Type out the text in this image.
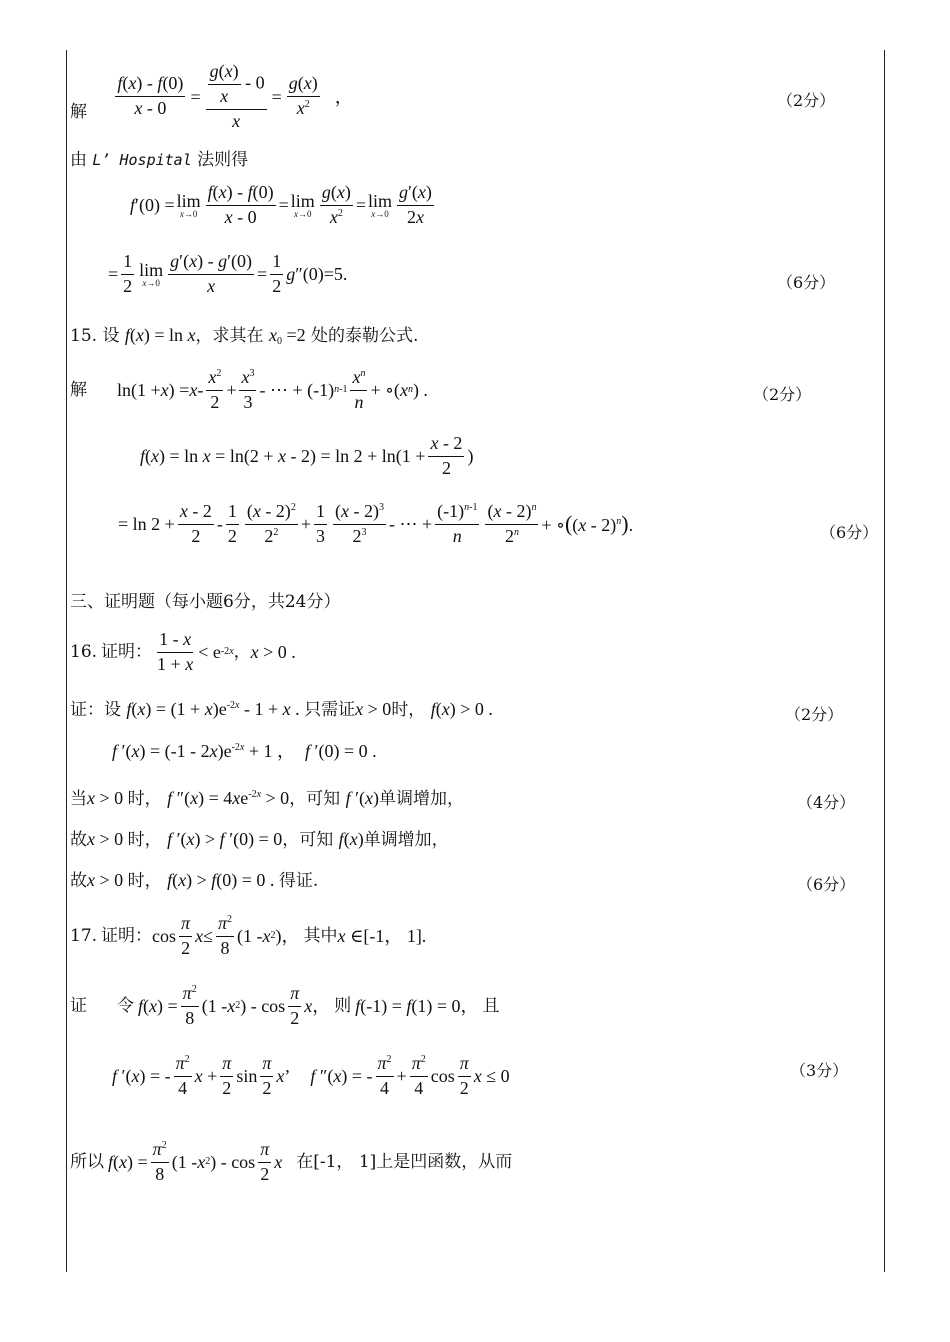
解 $\frac{f(x) - f(0)}{x - 0} = \frac{\frac{g(x)}{x} - 0}{x} = \frac{g(x)}{x^2}$ ，	（2分）
由 L’ Hospital 法则得
f′(0) = lim
$x\to 0 \frac{f(x) - f(0)}{x - 0} = \lim$
$x\to 0 \frac{g(x)}{x^2} = \lim$
$x\to 0 \frac{g'(x)}{2x}$
= $\frac{1}{2}$ lim
$x\to 0 \frac{g'(x) - g'(0)}{x} = \frac{1}{2} g''(0) =5$.	（6分）
15. 设 f(x) = ln x，求其在 x0 =2 处的泰勒公式.
解 ln(1 + x ) = $x - \frac{x^2}{2} + \frac{x^3}{3}$ - ⋯ + (-1) $n-1 \frac{x^n}{n}$ + ∘( x n ) .	（2分）
$f(x) = \ln x = \ln(2 + x - 2) = \ln 2 + \ln(1 + \frac{x - 2}{2}$ )
= $\ln 2 + \frac{x - 2}{2} - \frac{1}{2} \frac{(x - 2)^2}{2^2} + \frac{1}{3} \frac{(x - 2)^3}{2^3}$ - ⋯ + $\frac{(-1)^{n-1}}{n} \frac{(x - 2)^n}{2^n}$ + ∘((x - 2)$^n$).	（6分）
三、证明题（每小题6分，共24分）
16. 证明： $\frac{1 - x}{1 + x} < e$ -2x ， x > 0 .
证：设 $f(x) = (1 + x)e^{-2x} - 1 + x$ . 只需证x > 0时， f(x) > 0 .	（2分）
f $'(x) = (-1 - 2x)e^{-2x} + 1$ ， f ′(0) = 0 .
当x > 0 时， f $''(x) = 4xe^{-2x} > 0$，可知 f ′(x)单调增加，	（4分）
故x > 0 时， f ′(x) > f ′(0) = 0，可知 f(x)单调增加，
故x > 0 时， f(x) > f(0) = 0 . 得证.	（6分）
17. 证明： $\cos \frac{\pi}{2}$ $x \le \frac{\pi^2}{8} (1 - x$ 2 )， 其中 x ∈ [-1， 1].
证 令 f ( x ) = $\frac{\pi^2}{8} (1$ - x 2 ) - $\cos \frac{\pi}{2}$ x ， 则 f(-1) = f(1) = 0， 且
f ′(x) = - $\frac{\pi^2}{4}$ $x + \frac{\pi}{2}$ $\sin \frac{\pi}{2} x$’ f ″(x) = - $\frac{\pi^2}{4} + \frac{\pi^2}{4}$ $\cos \frac{\pi}{2}$ x ≤ 0	（3分）
所以 f ( x ) = $\frac{\pi^2}{8} (1$ - x 2 ) - $\cos \frac{\pi}{2}$ x 在[-1， 1]上是凹函数，从而
